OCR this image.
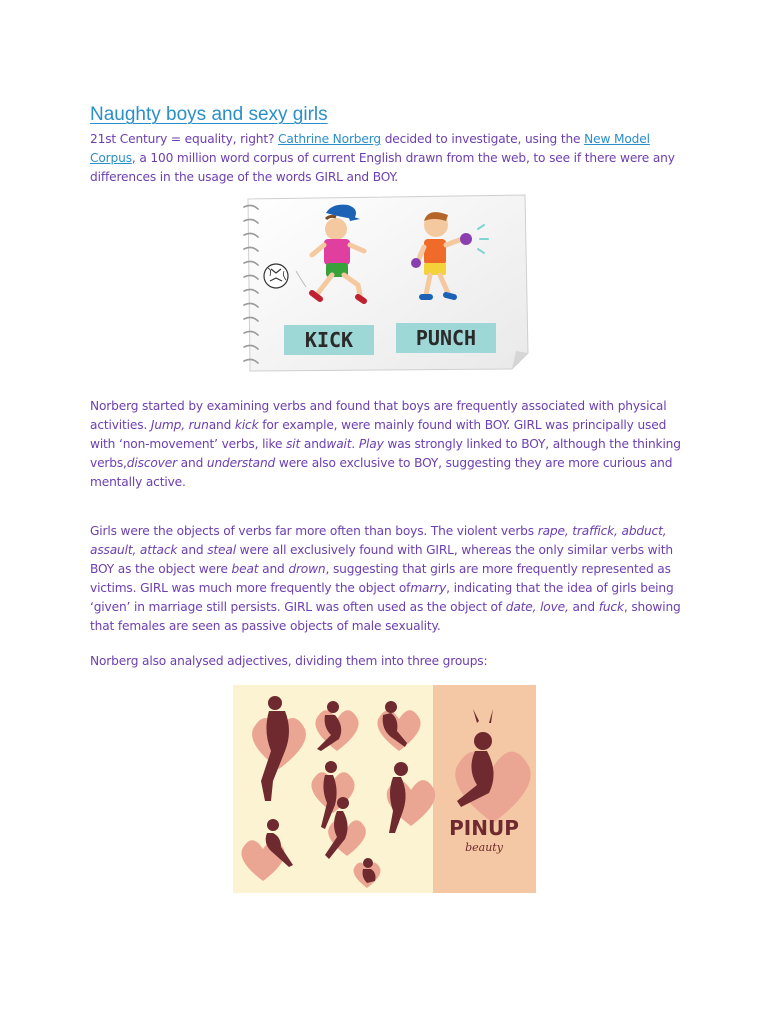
Naughty boys and sexy girls
21st Century = equality, right? Cathrine Norberg decided to investigate, using the New Model Corpus, a 100 million word corpus of current English drawn from the web, to see if there were any differences in the usage of the words GIRL and BOY.
KICK	PUNCH
Norberg started by examining verbs and found that boys are frequently associated with physical activities. Jump, runand kick for example, were mainly found with BOY. GIRL was principally used with ‘non-movement’ verbs, like sit andwait. Play was strongly linked to BOY, although the thinking verbs,discover and understand were also exclusive to BOY, suggesting they are more curious and mentally active.
Girls were the objects of verbs far more often than boys. The violent verbs rape, traffick, abduct, assault, attack and steal were all exclusively found with GIRL, whereas the only similar verbs with BOY as the object were beat and drown, suggesting that girls are more frequently represented as victims. GIRL was much more frequently the object ofmarry, indicating that the idea of girls being ‘given’ in marriage still persists. GIRL was often used as the object of date, love, and fuck, showing that females are seen as passive objects of male sexuality.
Norberg also analysed adjectives, dividing them into three groups:
PINUP
beauty
